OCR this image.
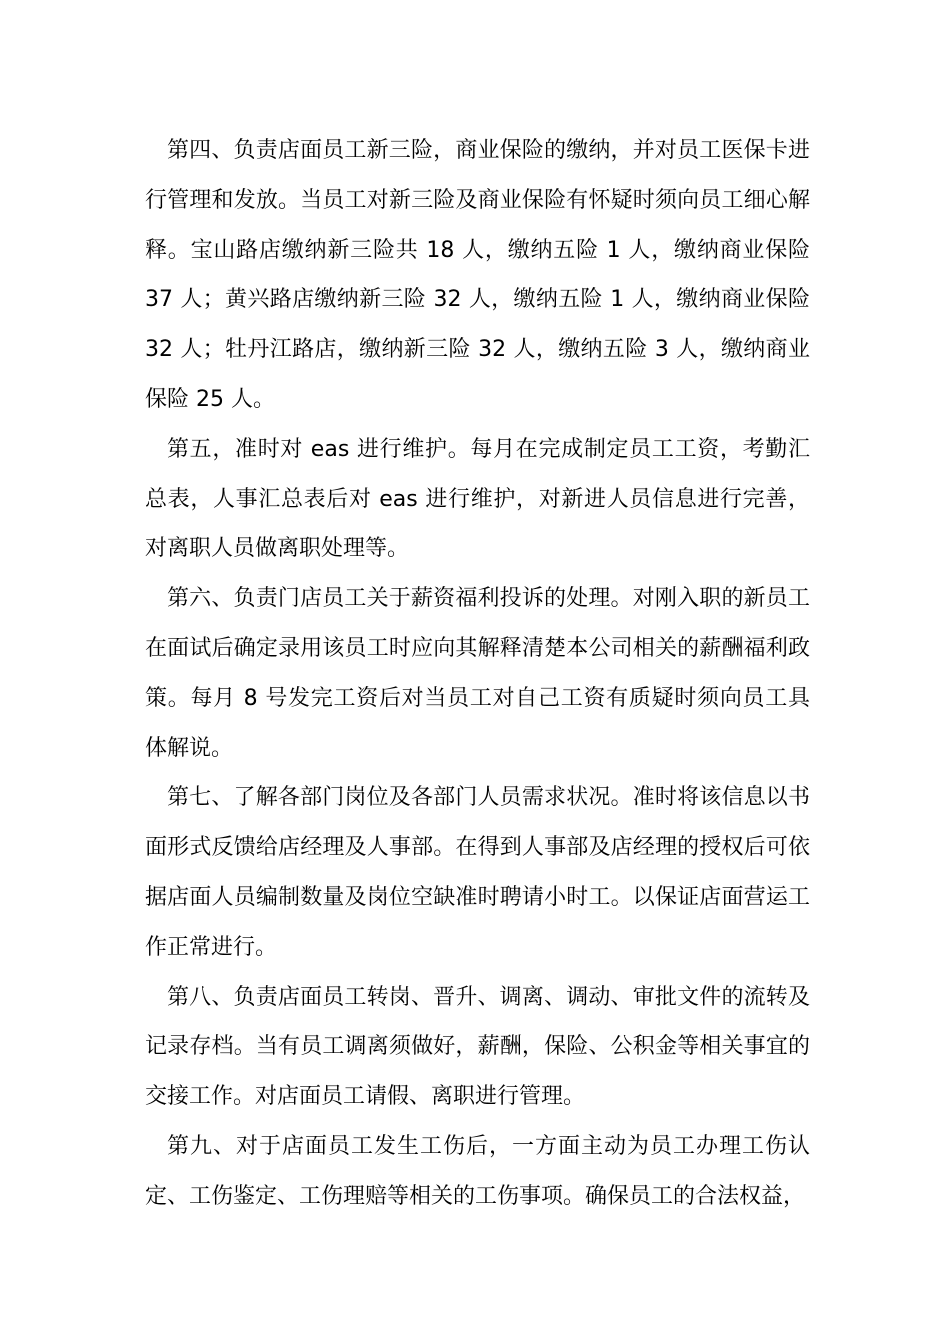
第四、负责店面员工新三险，商业保险的缴纳，并对员工医保卡进行管理和发放。当员工对新三险及商业保险有怀疑时须向员工细心解释。宝山路店缴纳新三险共 18 人，缴纳五险 1 人，缴纳商业保险 37 人；黄兴路店缴纳新三险 32 人，缴纳五险 1 人，缴纳商业保险 32 人；牡丹江路店，缴纳新三险 32 人，缴纳五险 3 人，缴纳商业保险 25 人。

第五，准时对 eas 进行维护。每月在完成制定员工工资，考勤汇总表，人事汇总表后对 eas 进行维护，对新进人员信息进行完善，对离职人员做离职处理等。

第六、负责门店员工关于薪资福利投诉的处理。对刚入职的新员工在面试后确定录用该员工时应向其解释清楚本公司相关的薪酬福利政策。每月 8 号发完工资后对当员工对自己工资有质疑时须向员工具体解说。

第七、了解各部门岗位及各部门人员需求状况。准时将该信息以书面形式反馈给店经理及人事部。在得到人事部及店经理的授权后可依据店面人员编制数量及岗位空缺准时聘请小时工。以保证店面营运工作正常进行。

第八、负责店面员工转岗、晋升、调离、调动、审批文件的流转及记录存档。当有员工调离须做好，薪酬，保险、公积金等相关事宜的交接工作。对店面员工请假、离职进行管理。

第九、对于店面员工发生工伤后，一方面主动为员工办理工伤认定、工伤鉴定、工伤理赔等相关的工伤事项。确保员工的合法权益，
